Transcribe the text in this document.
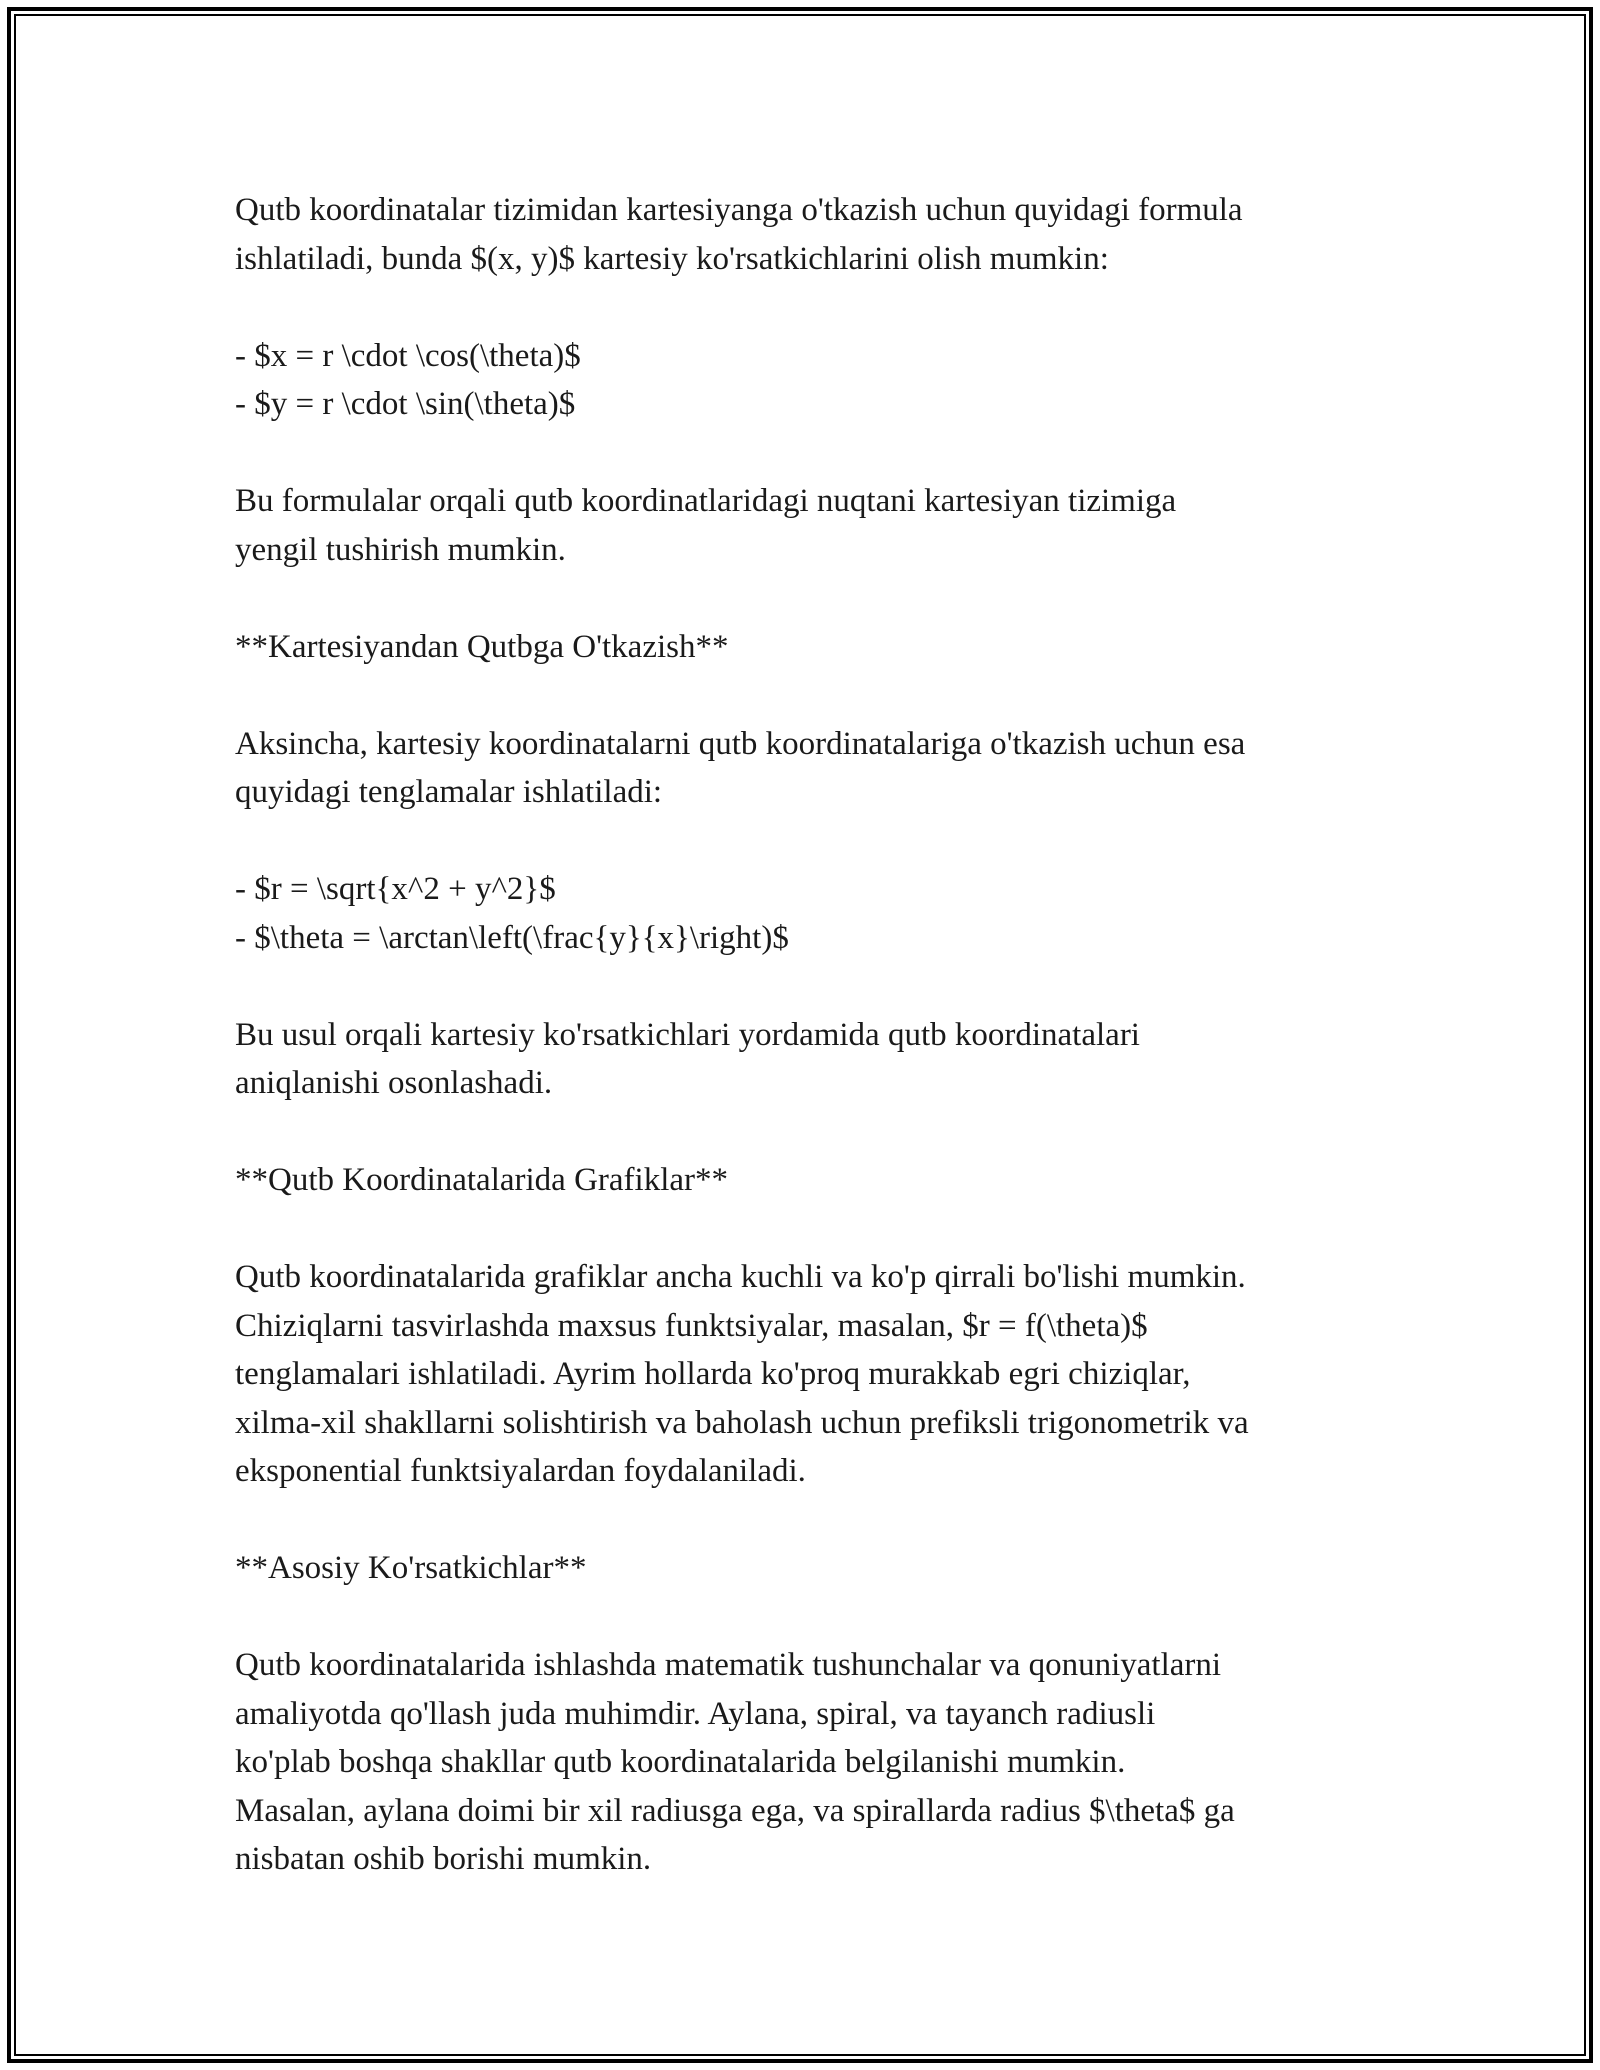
Qutb koordinatalar tizimidan kartesiyanga o'tkazish uchun quyidagi formula
ishlatiladi, bunda $(x, y)$ kartesiy ko'rsatkichlarini olish mumkin:
- $x = r \cdot \cos(\theta)$
- $y = r \cdot \sin(\theta)$
Bu formulalar orqali qutb koordinatlaridagi nuqtani kartesiyan tizimiga
yengil tushirish mumkin.
**Kartesiyandan Qutbga O'tkazish**
Aksincha, kartesiy koordinatalarni qutb koordinatalariga o'tkazish uchun esa
quyidagi tenglamalar ishlatiladi:
- $r = \sqrt{x^2 + y^2}$
- $\theta = \arctan\left(\frac{y}{x}\right)$
Bu usul orqali kartesiy ko'rsatkichlari yordamida qutb koordinatalari
aniqlanishi osonlashadi.
**Qutb Koordinatalarida Grafiklar**
Qutb koordinatalarida grafiklar ancha kuchli va ko'p qirrali bo'lishi mumkin.
Chiziqlarni tasvirlashda maxsus funktsiyalar, masalan, $r = f(\theta)$
tenglamalari ishlatiladi. Ayrim hollarda ko'proq murakkab egri chiziqlar,
xilma-xil shakllarni solishtirish va baholash uchun prefiksli trigonometrik va
eksponential funktsiyalardan foydalaniladi.
**Asosiy Ko'rsatkichlar**
Qutb koordinatalarida ishlashda matematik tushunchalar va qonuniyatlarni
amaliyotda qo'llash juda muhimdir. Aylana, spiral, va tayanch radiusli
ko'plab boshqa shakllar qutb koordinatalarida belgilanishi mumkin.
Masalan, aylana doimi bir xil radiusga ega, va spirallarda radius $\theta$ ga
nisbatan oshib borishi mumkin.
